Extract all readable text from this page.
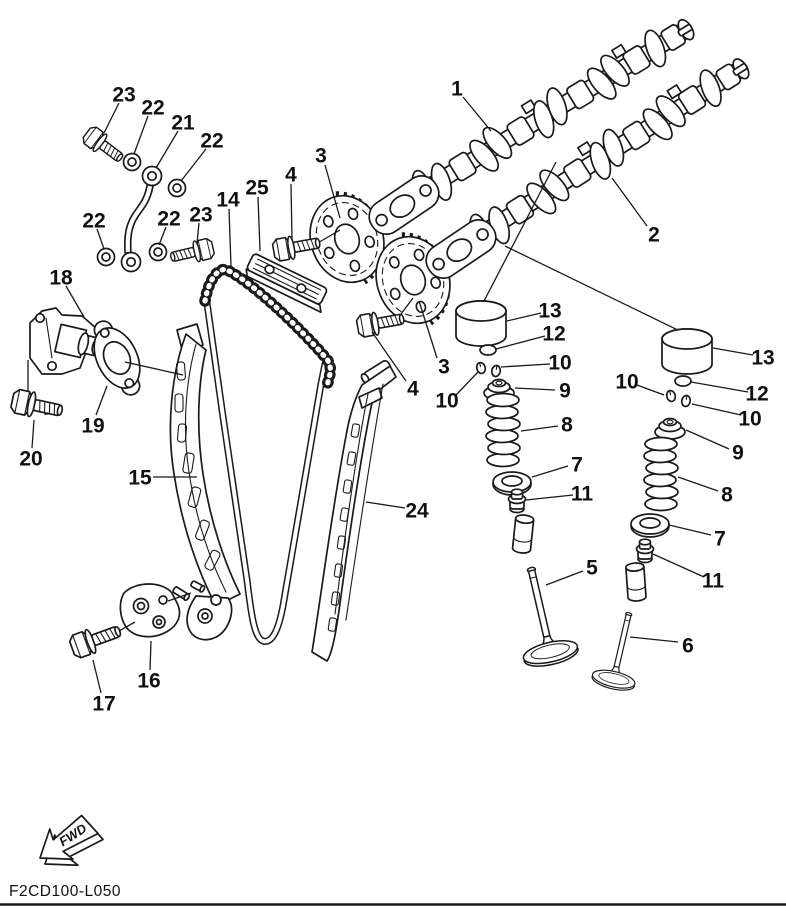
1
2
3
3
4
4
5
6
7
7
8
8
9
9
10
10
10
10
11
11
12
12
13
13
14
15
16
17
18
19
20
21
22
22
22 22
23
23
24
25
FWD
F2CD100-L050
